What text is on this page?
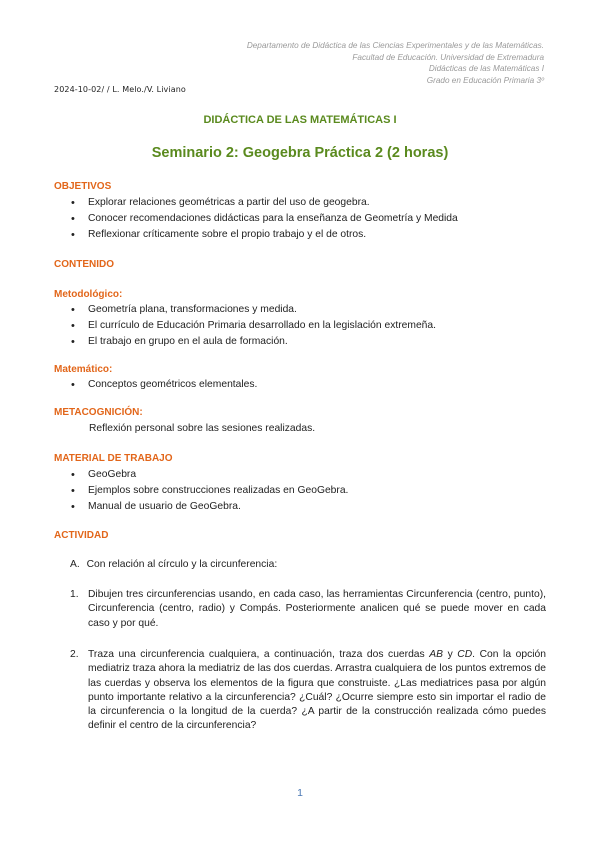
Departamento de Didáctica de las Ciencias Experimentales y de las Matemáticas.
Facultad de Educación. Universidad de Extremadura
Didácticas de las Matemáticas I
Grado en Educación Primaria 3º
2024-10-02/ / L. Melo./V. Liviano
DIDÁCTICA DE LAS MATEMÁTICAS I
Seminario 2: Geogebra Práctica 2 (2 horas)
OBJETIVOS
• Explorar relaciones geométricas a partir del uso de geogebra.
• Conocer recomendaciones didácticas para la enseñanza de Geometría y Medida
• Reflexionar críticamente sobre el propio trabajo y el de otros.
CONTENIDO
Metodológico:
• Geometría plana, transformaciones y medida.
• El currículo de Educación Primaria desarrollado en la legislación extremeña.
• El trabajo en grupo en el aula de formación.
Matemático:
• Conceptos geométricos elementales.
METACOGNICIÓN:
Reflexión personal sobre las sesiones realizadas.
MATERIAL DE TRABAJO
• GeoGebra
• Ejemplos sobre construcciones realizadas en GeoGebra.
• Manual de usuario de GeoGebra.
ACTIVIDAD
A. Con relación al círculo y la circunferencia:
1. Dibujen tres circunferencias usando, en cada caso, las herramientas Circunferencia (centro, punto), Circunferencia (centro, radio) y Compás. Posteriormente analicen qué se puede mover en cada caso y por qué.
2. Traza una circunferencia cualquiera, a continuación, traza dos cuerdas AB y CD. Con la opción mediatriz traza ahora la mediatriz de las dos cuerdas. Arrastra cualquiera de los puntos extremos de las cuerdas y observa los elementos de la figura que construiste. ¿Las mediatrices pasa por algún punto importante relativo a la circunferencia? ¿Cuál? ¿Ocurre siempre esto sin importar el radio de la circunferencia o la longitud de la cuerda? ¿A partir de la construcción realizada cómo puedes definir el centro de la circunferencia?
1
